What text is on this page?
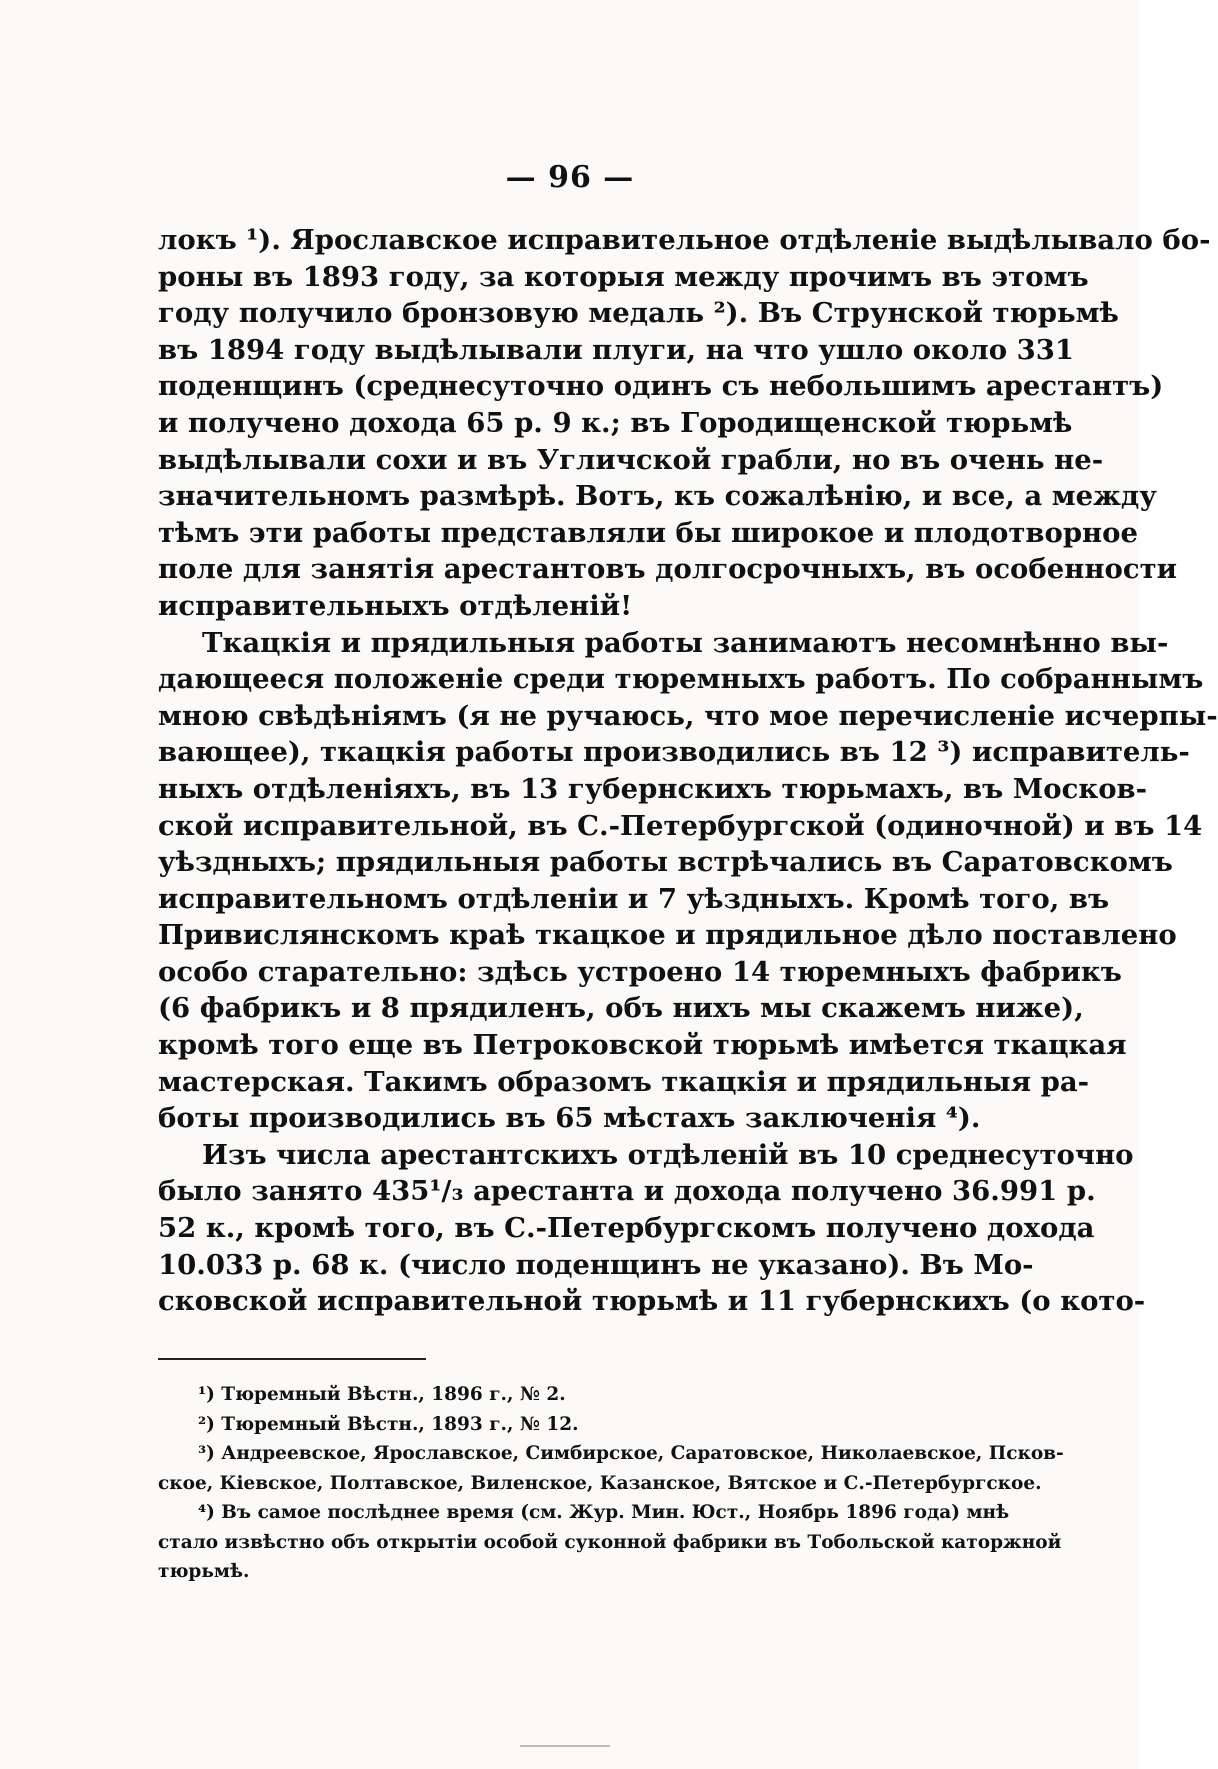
— 96 —

локъ ¹). Ярославское исправительное отдѣленіе выдѣлывало бо-
роны въ 1893 году, за которыя между прочимъ въ этомъ
году получило бронзовую медаль ²). Въ Струнской тюрьмѣ
въ 1894 году выдѣлывали плуги, на что ушло около 331
поденщинъ (среднесуточно одинъ съ небольшимъ арестантъ)
и получено дохода 65 р. 9 к.; въ Городищенской тюрьмѣ
выдѣлывали сохи и въ Угличской грабли, но въ очень не-
значительномъ размѣрѣ. Вотъ, къ сожалѣнію, и все, а между
тѣмъ эти работы представляли бы широкое и плодотворное
поле для занятія арестантовъ долгосрочныхъ, въ особенности
исправительныхъ отдѣленій!

Ткацкія и прядильныя работы занимаютъ несомнѣнно вы-
дающееся положеніе среди тюремныхъ работъ. По собраннымъ
мною свѣдѣніямъ (я не ручаюсь, что мое перечисленіе исчерпы-
вающее), ткацкія работы производились въ 12 ³) исправитель-
ныхъ отдѣленіяхъ, въ 13 губернскихъ тюрьмахъ, въ Москов-
ской исправительной, въ С.-Петербургской (одиночной) и въ 14
уѣздныхъ; прядильныя работы встрѣчались въ Саратовскомъ
исправительномъ отдѣленіи и 7 уѣздныхъ. Кромѣ того, въ
Привислянскомъ краѣ ткацкое и прядильное дѣло поставлено
особо старательно: здѣсь устроено 14 тюремныхъ фабрикъ
(6 фабрикъ и 8 прядиленъ, объ нихъ мы скажемъ ниже),
кромѣ того еще въ Петроковской тюрьмѣ имѣется ткацкая
мастерская. Такимъ образомъ ткацкія и прядильныя ра-
боты производились въ 65 мѣстахъ заключенія ⁴).

Изъ числа арестантскихъ отдѣленій въ 10 среднесуточно
было занято 435¹/₃ арестанта и дохода получено 36.991 р.
52 к., кромѣ того, въ С.-Петербургскомъ получено дохода
10.033 р. 68 к. (число поденщинъ не указано). Въ Мо-
сковской исправительной тюрьмѣ и 11 губернскихъ (о кото-

¹) Тюремный Вѣстн., 1896 г., № 2.
²) Тюремный Вѣстн., 1893 г., № 12.
³) Андреевское, Ярославское, Симбирское, Саратовское, Николаевское, Псков-
ское, Кіевское, Полтавское, Виленское, Казанское, Вятское и С.-Петербургское.
⁴) Въ самое послѣднее время (см. Жур. Мин. Юст., Ноябрь 1896 года) мнѣ
стало извѣстно объ открытіи особой суконной фабрики въ Тобольской каторжной
тюрьмѣ.
